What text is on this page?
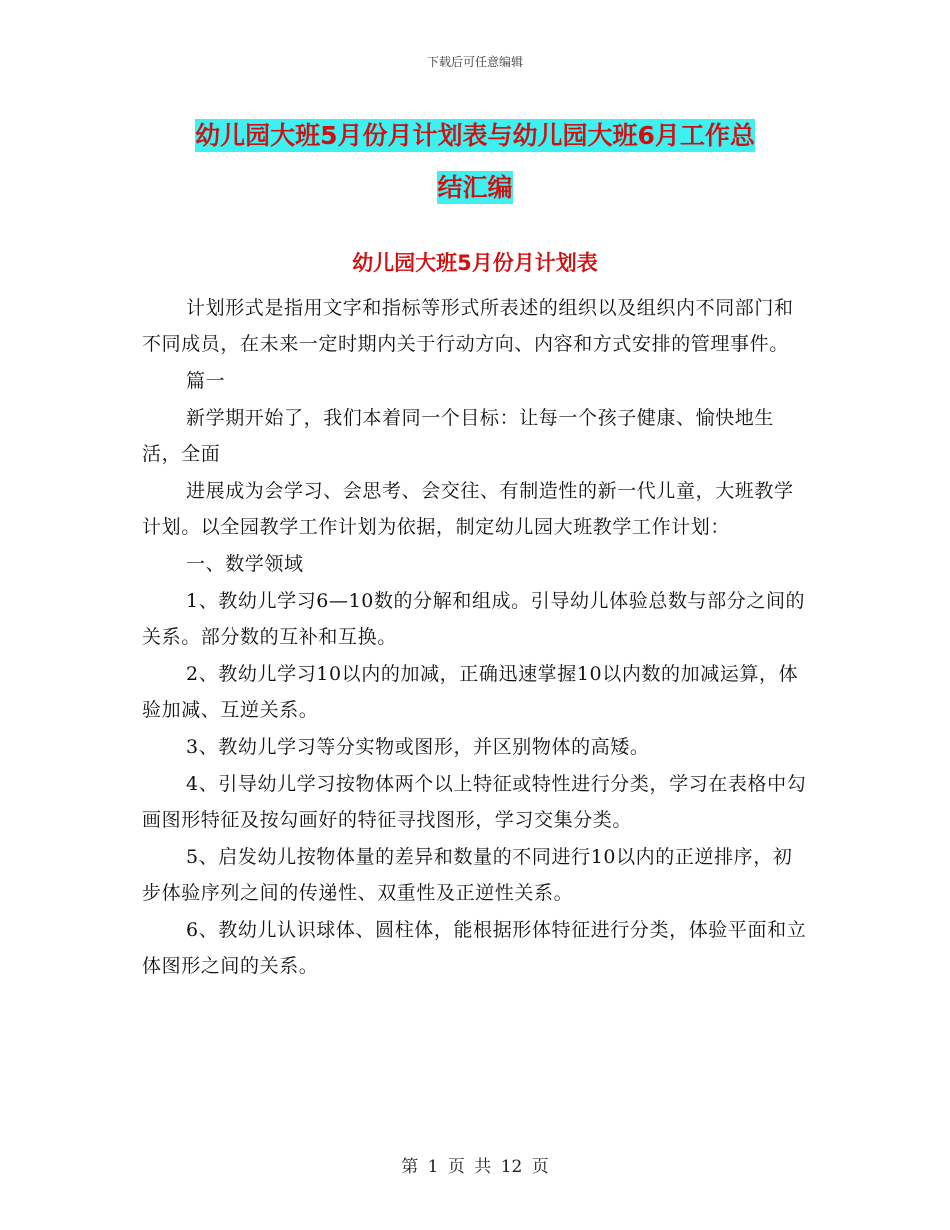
下载后可任意编辑
幼儿园大班5月份月计划表与幼儿园大班6月工作总
结汇编
幼儿园大班5月份月计划表

计划形式是指用文字和指标等形式所表述的组织以及组织内不同部门和不同成员，在未来一定时期内关于行动方向、内容和方式安排的管理事件。

篇一

新学期开始了，我们本着同一个目标：让每一个孩子健康、愉快地生活，全面

进展成为会学习、会思考、会交往、有制造性的新一代儿童，大班教学计划。以全园教学工作计划为依据，制定幼儿园大班教学工作计划：

一、数学领域

1、教幼儿学习6—10数的分解和组成。引导幼儿体验总数与部分之间的关系。部分数的互补和互换。

2、教幼儿学习10以内的加减，正确迅速掌握10以内数的加减运算，体验加减、互逆关系。

3、教幼儿学习等分实物或图形，并区别物体的高矮。

4、引导幼儿学习按物体两个以上特征或特性进行分类，学习在表格中勾画图形特征及按勾画好的特征寻找图形，学习交集分类。

5、启发幼儿按物体量的差异和数量的不同进行10以内的正逆排序，初步体验序列之间的传递性、双重性及正逆性关系。

6、教幼儿认识球体、圆柱体，能根据形体特征进行分类，体验平面和立体图形之间的关系。

第 1 页 共 12 页
